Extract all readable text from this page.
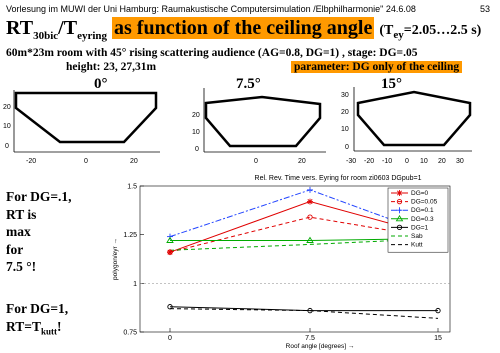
Vorlesung im MUWI der Uni Hamburg: Raumakustische Computersimulation /Elbphilharmonie" 24.6.08	53
$RT_{30bic}/T_{eyring}$ as function of the ceiling angle ($T_{ey}=2.05\dots 2.5$ s)
60m*23m room with 45° rising scattering audience (AG=0.8, DG=1) , stage: DG=.05
height: 23, 27,31m	parameter: DG only of the ceiling
0°	7.5°	15°
20
10
0
-20	0	20
20
10
0
0	20
30
20
10
0
-30 -20 -10 0 10 20 30
For DG=.1,
RT is
max
for
7.5 °!
For DG=1,
$RT=T_{kutt}$!
Rel. Rev. Time vers. Eyring for room zi0603 DGpub=1
1.5
1.25
1
0.75
0	7.5	15
Roof angle [degrees] →
polygon/eyr →
DG=0
DG=0.05
DG=0.1
DG=0.3
DG=1
Sab
Kutt
